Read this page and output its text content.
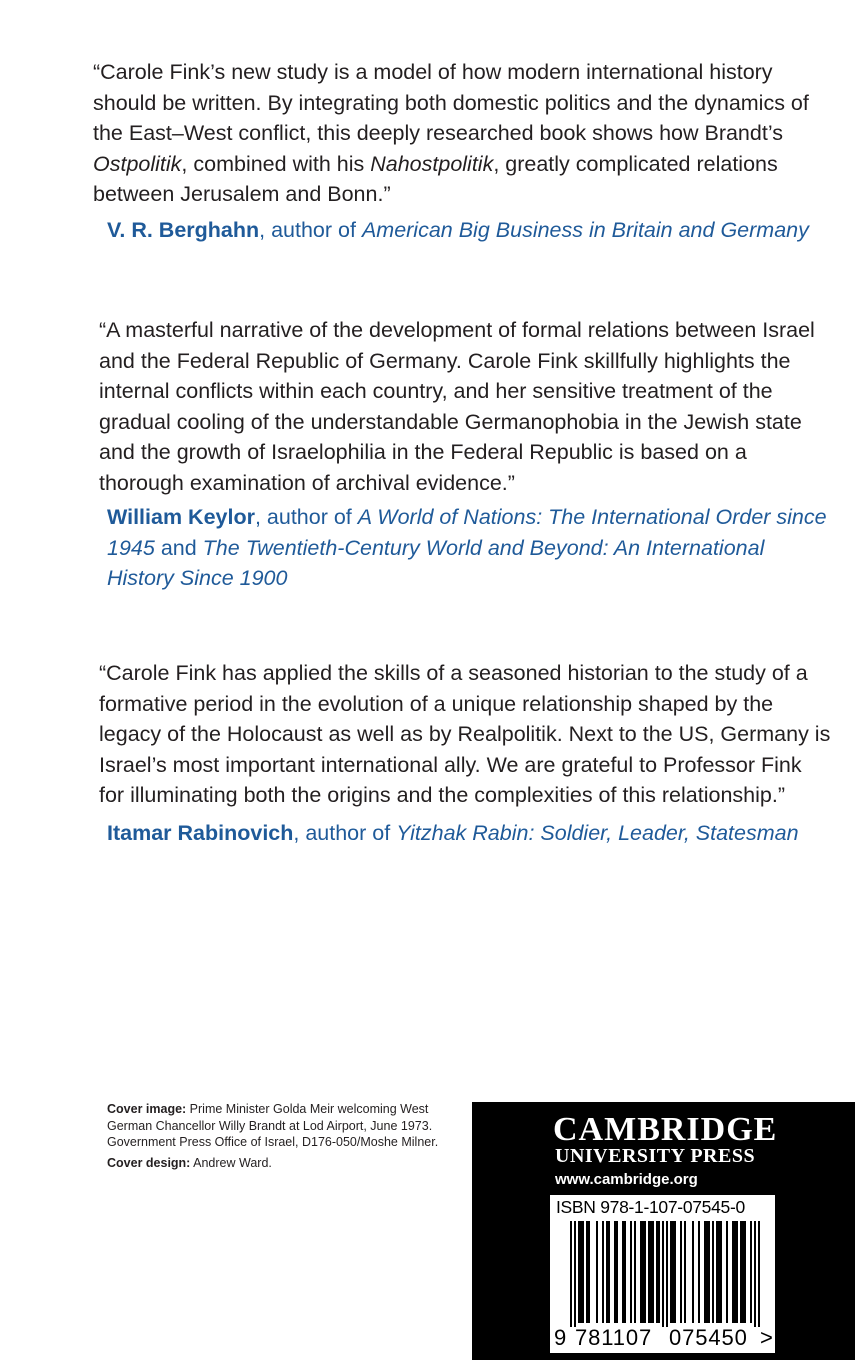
“Carole Fink’s new study is a model of how modern international history should be written. By integrating both domestic politics and the dynamics of the East–West conflict, this deeply researched book shows how Brandt’s Ostpolitik, combined with his Nahostpolitik, greatly complicated relations between Jerusalem and Bonn.”

V. R. Berghahn, author of American Big Business in Britain and Germany

“A masterful narrative of the development of formal relations between Israel and the Federal Republic of Germany. Carole Fink skillfully highlights the internal conflicts within each country, and her sensitive treatment of the gradual cooling of the understandable Germanophobia in the Jewish state and the growth of Israelophilia in the Federal Republic is based on a thorough examination of archival evidence.”

William Keylor, author of A World of Nations: The International Order since 1945 and The Twentieth-Century World and Beyond: An International History Since 1900

“Carole Fink has applied the skills of a seasoned historian to the study of a formative period in the evolution of a unique relationship shaped by the legacy of the Holocaust as well as by Realpolitik. Next to the US, Germany is Israel’s most important international ally. We are grateful to Professor Fink for illuminating both the origins and the complexities of this relationship.”

Itamar Rabinovich, author of Yitzhak Rabin: Soldier, Leader, Statesman

Cover image: Prime Minister Golda Meir welcoming West German Chancellor Willy Brandt at Lod Airport, June 1973. Government Press Office of Israel, D176-050/Moshe Milner.

Cover design: Andrew Ward.

CAMBRIDGE
UNIVERSITY PRESS
www.cambridge.org
ISBN 978-1-107-07545-0
9 781107 075450 >
